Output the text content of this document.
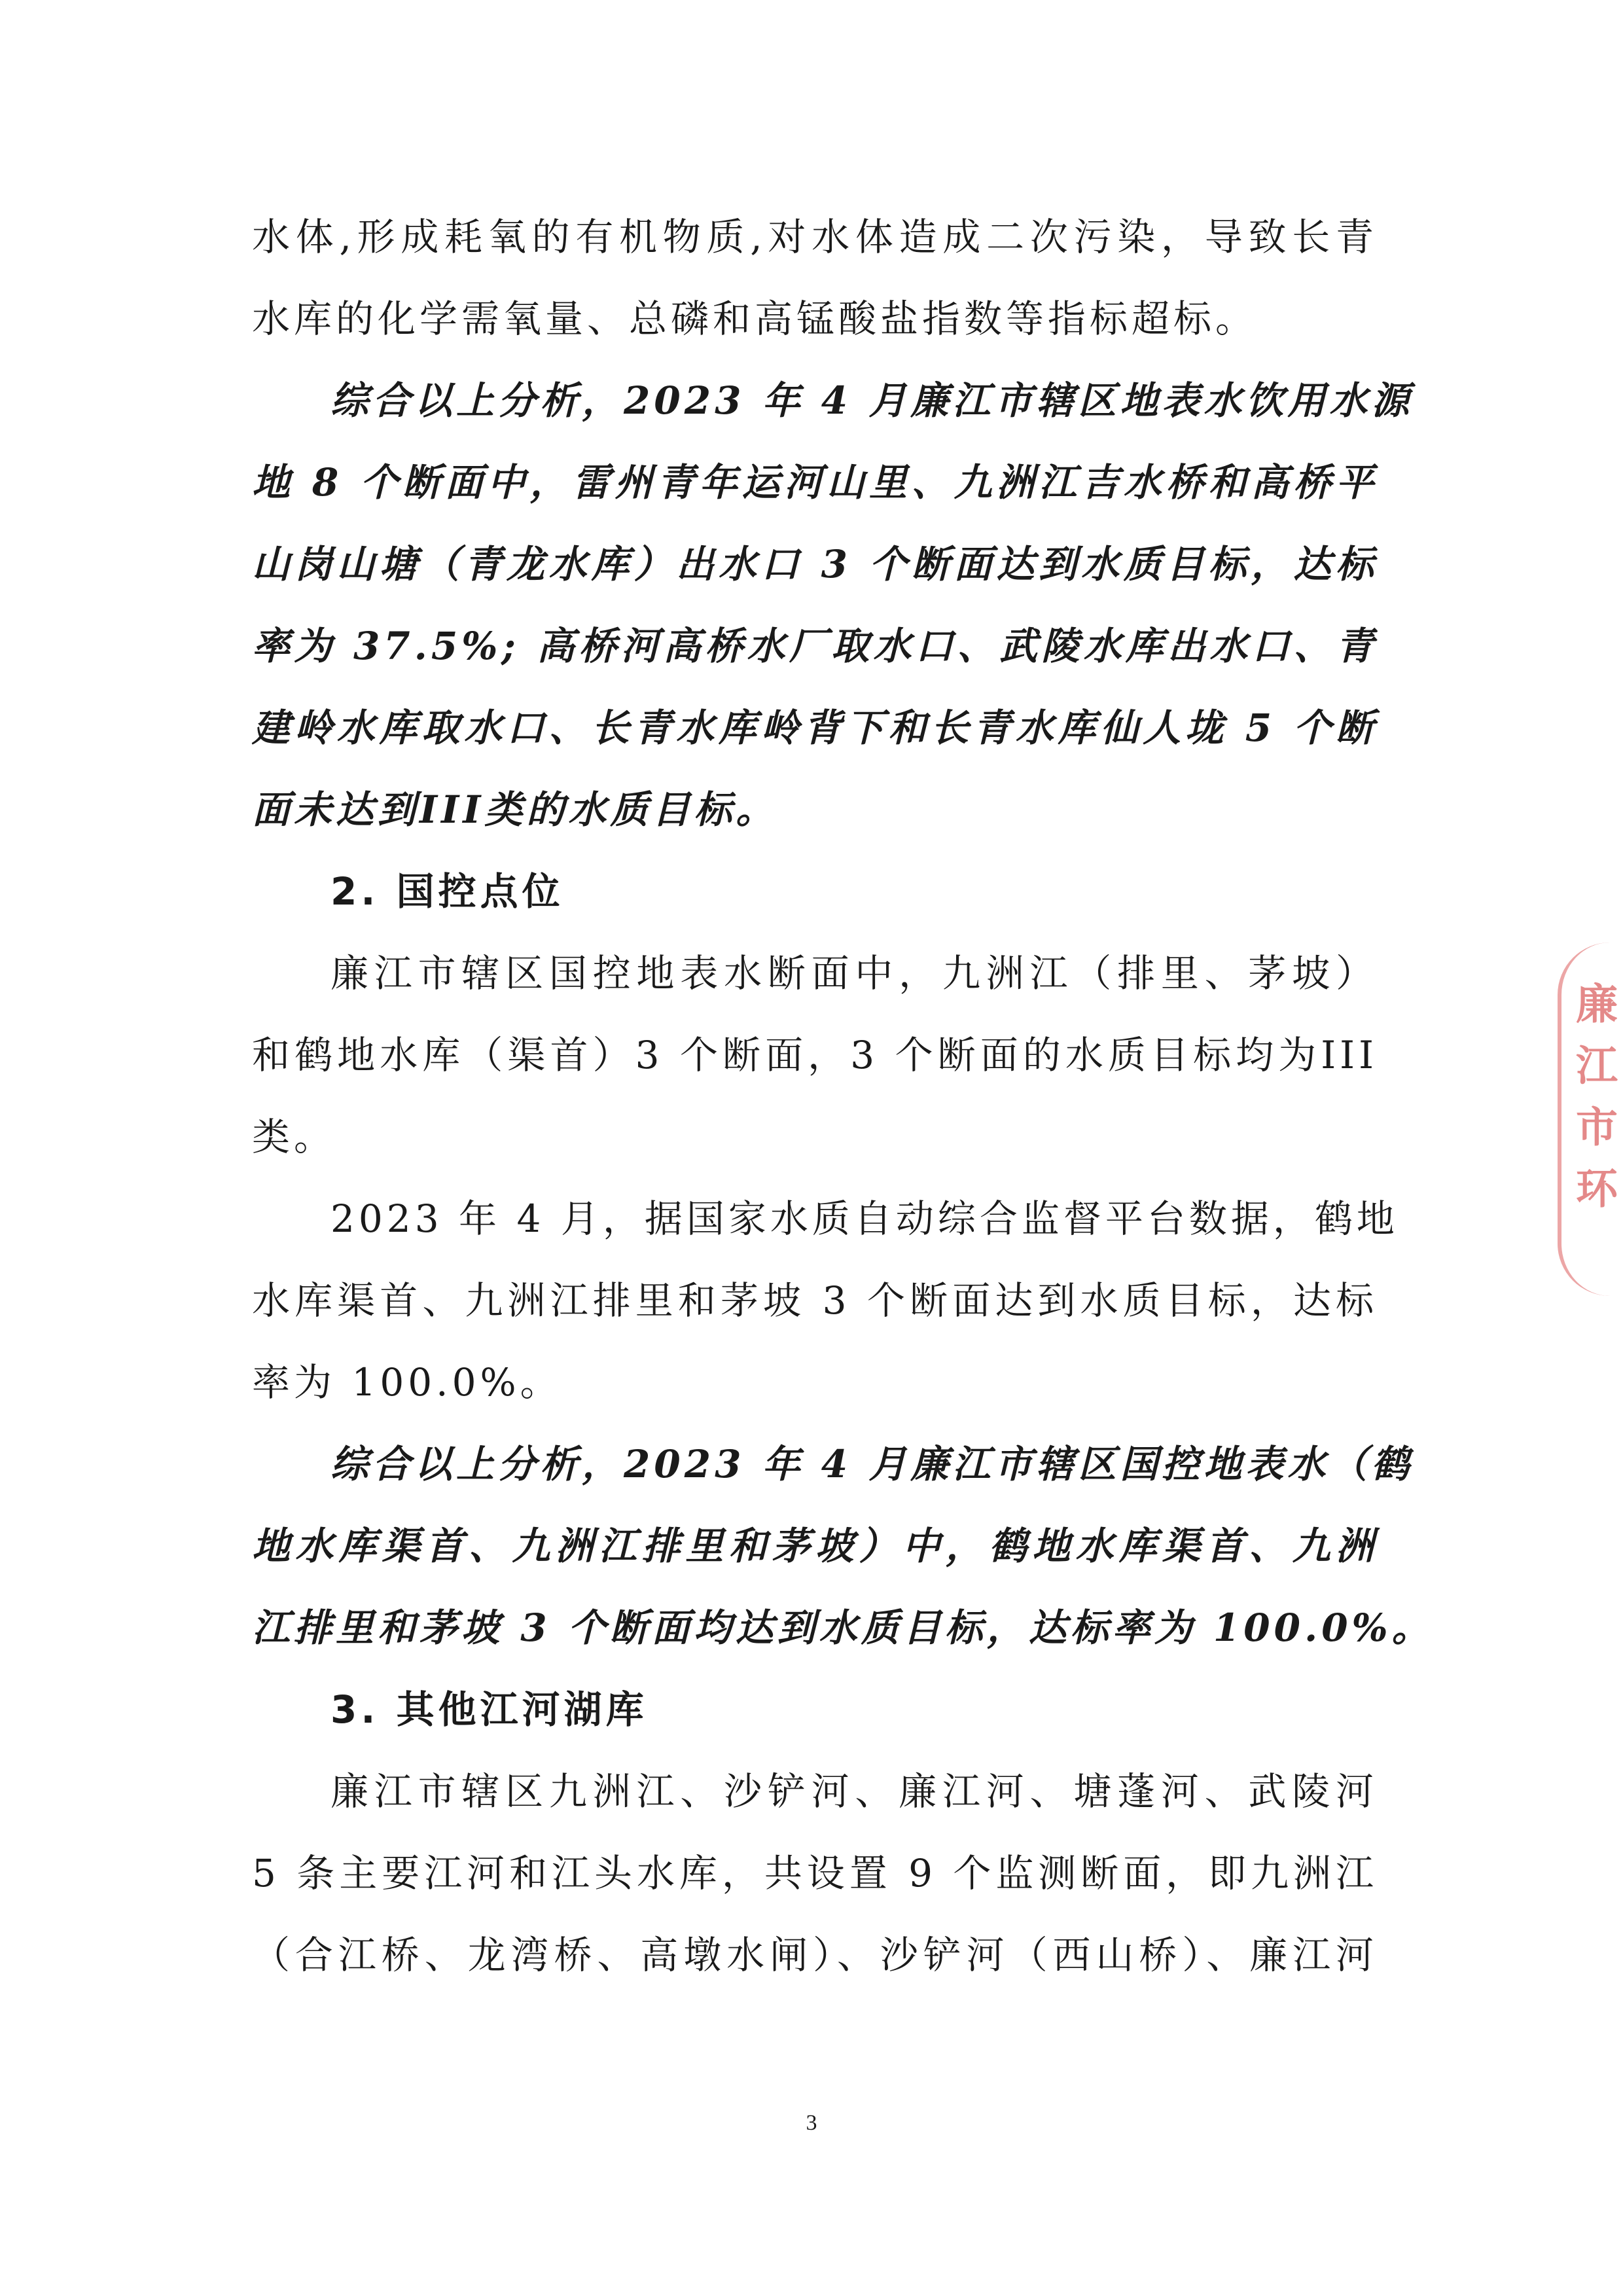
水体,形成耗氧的有机物质,对水体造成二次污染，导致长青
水库的化学需氧量、总磷和高锰酸盐指数等指标超标。
综合以上分析，2023 年 4 月廉江市辖区地表水饮用水源
地 8 个断面中，雷州青年运河山里、九洲江吉水桥和高桥平
山岗山塘（青龙水库）出水口 3 个断面达到水质目标，达标
率为 37.5%; 高桥河高桥水厂取水口、武陵水库出水口、青
建岭水库取水口、长青水库岭背下和长青水库仙人垅 5 个断
面未达到III类的水质目标。
2. 国控点位
廉江市辖区国控地表水断面中，九洲江（排里、茅坡）
和鹤地水库（渠首）3 个断面，3 个断面的水质目标均为III
类。
2023 年 4 月，据国家水质自动综合监督平台数据，鹤地
水库渠首、九洲江排里和茅坡 3 个断面达到水质目标，达标
率为 100.0%。
综合以上分析，2023 年 4 月廉江市辖区国控地表水（鹤
地水库渠首、九洲江排里和茅坡）中，鹤地水库渠首、九洲
江排里和茅坡 3 个断面均达到水质目标，达标率为 100.0%。
3. 其他江河湖库
廉江市辖区九洲江、沙铲河、廉江河、塘蓬河、武陵河
5 条主要江河和江头水库，共设置 9 个监测断面，即九洲江
（合江桥、龙湾桥、高墩水闸）、沙铲河（西山桥）、廉江河
3
廉江市环
